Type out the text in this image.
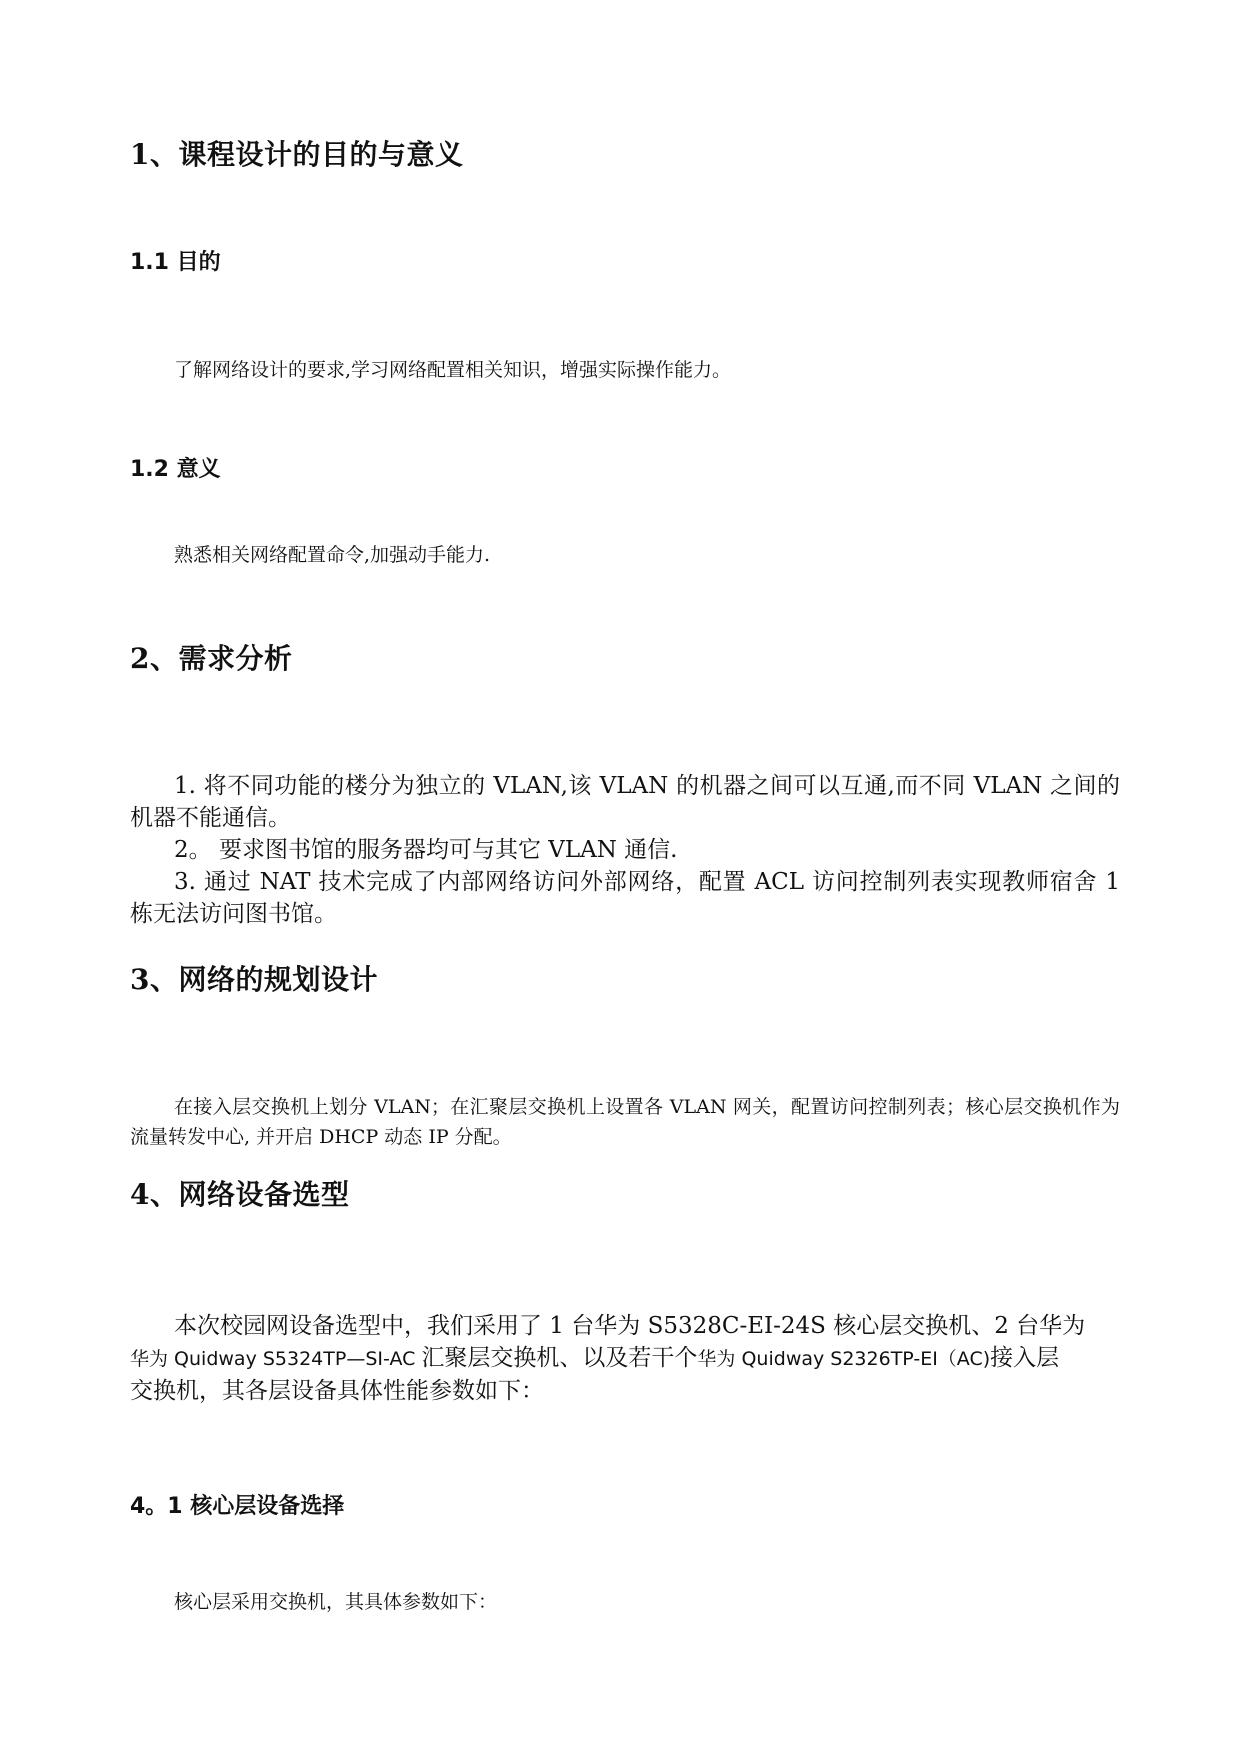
1、课程设计的目的与意义
1.1 目的

了解网络设计的要求,学习网络配置相关知识，增强实际操作能力。

1.2 意义

熟悉相关网络配置命令,加强动手能力.

2、需求分析

1. 将不同功能的楼分为独立的 VLAN,该 VLAN 的机器之间可以互通,而不同 VLAN 之间的机器不能通信。

2。 要求图书馆的服务器均可与其它 VLAN 通信.

3. 通过 NAT 技术完成了内部网络访问外部网络，配置 ACL 访问控制列表实现教师宿舍 1 栋无法访问图书馆。

3、网络的规划设计

在接入层交换机上划分 VLAN；在汇聚层交换机上设置各 VLAN 网关，配置访问控制列表；核心层交换机作为流量转发中心, 并开启 DHCP 动态 IP 分配。

4、网络设备选型

本次校园网设备选型中，我们采用了 1 台华为 S5328C-EI-24S 核心层交换机、2 台华为
华为 Quidway S5324TP—SI-AC 汇聚层交换机、以及若干个华为 Quidway S2326TP-EI（AC)接入层
交换机，其各层设备具体性能参数如下：

4。1 核心层设备选择

核心层采用交换机，其具体参数如下：
